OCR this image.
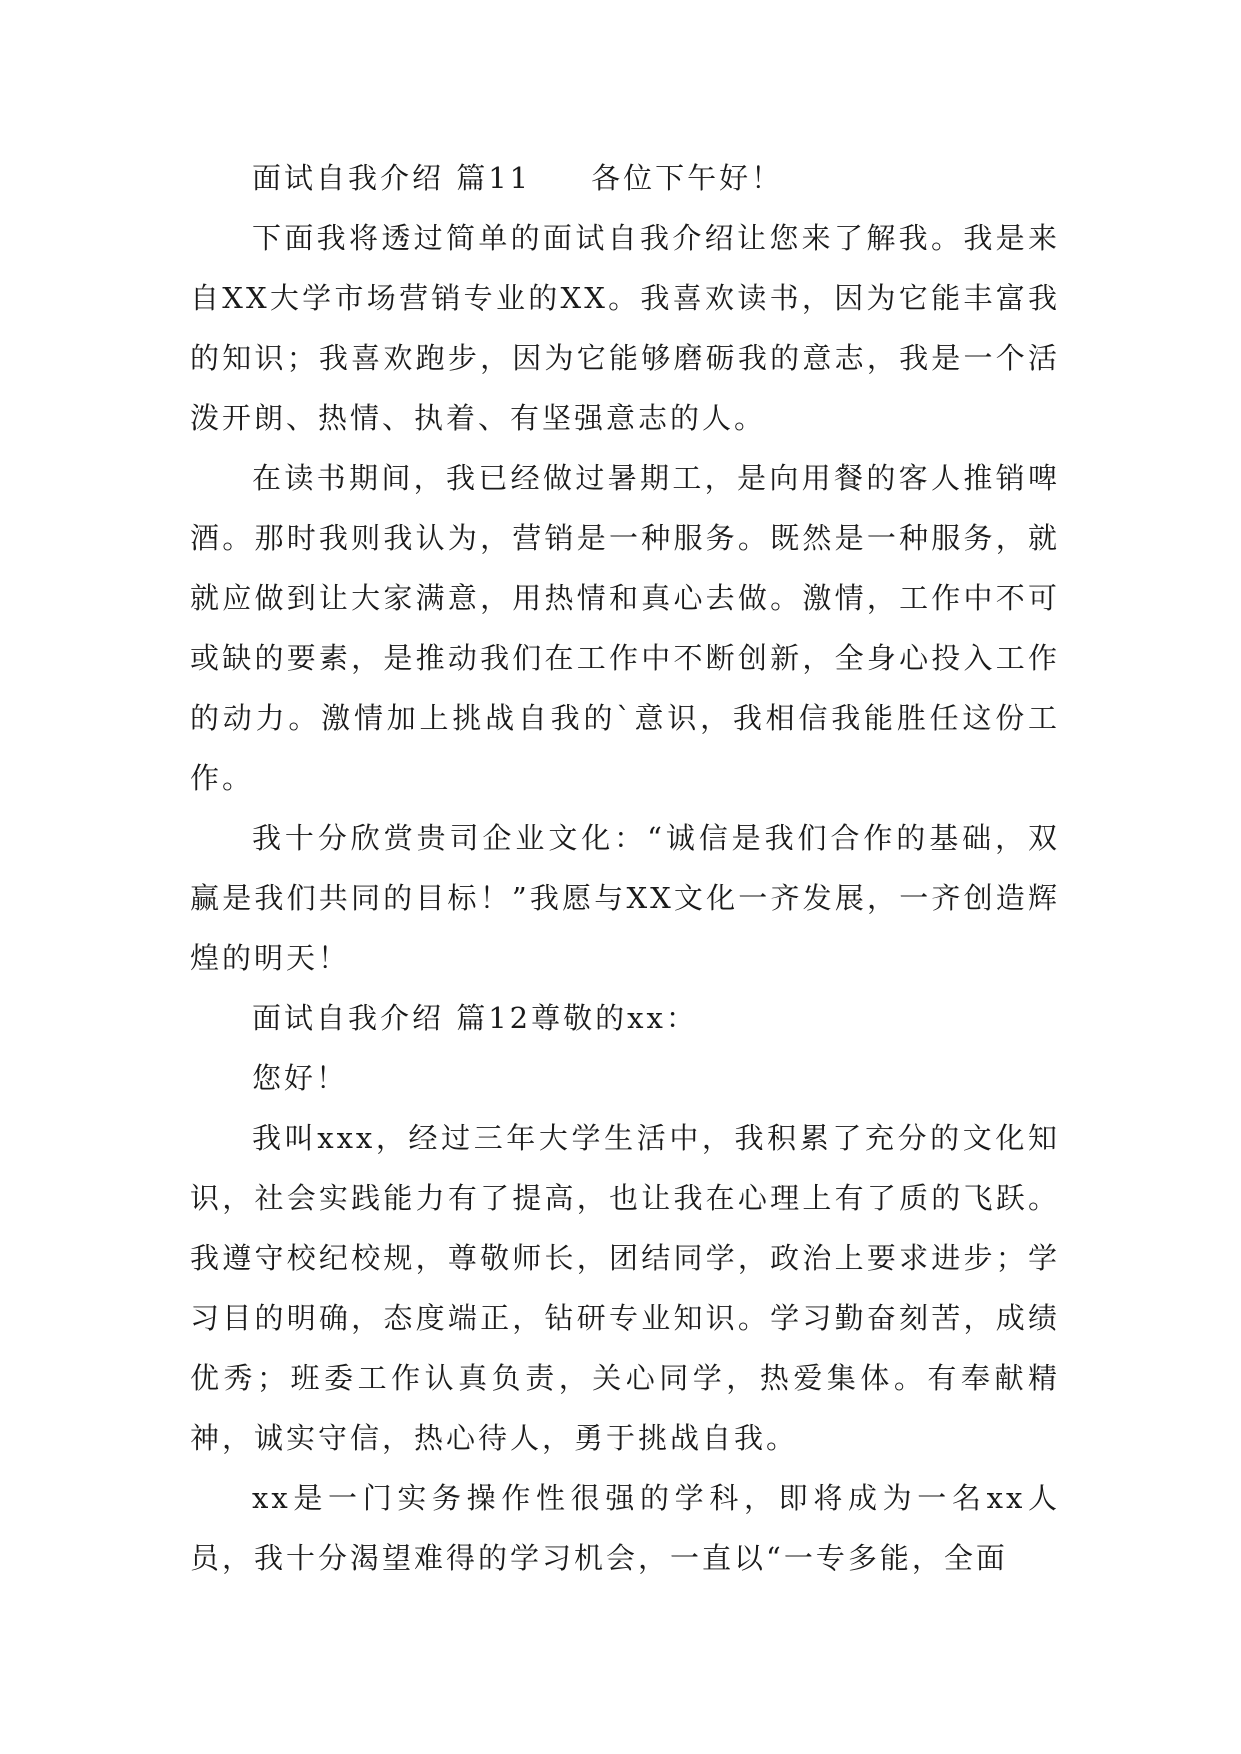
面试自我介绍 篇11 各位下午好！

下面我将透过简单的面试自我介绍让您来了解我。我是来自XX大学市场营销专业的XX。我喜欢读书，因为它能丰富我的知识；我喜欢跑步，因为它能够磨砺我的意志，我是一个活泼开朗、热情、执着、有坚强意志的人。

在读书期间，我已经做过暑期工，是向用餐的客人推销啤酒。那时我则我认为，营销是一种服务。既然是一种服务，就就应做到让大家满意，用热情和真心去做。激情，工作中不可或缺的要素，是推动我们在工作中不断创新，全身心投入工作的动力。激情加上挑战自我的`意识，我相信我能胜任这份工作。

我十分欣赏贵司企业文化：“诚信是我们合作的基础，双赢是我们共同的目标！”我愿与XX文化一齐发展，一齐创造辉煌的明天！

面试自我介绍 篇12尊敬的xx：

您好！

我叫xxx，经过三年大学生活中，我积累了充分的文化知识，社会实践能力有了提高，也让我在心理上有了质的飞跃。我遵守校纪校规，尊敬师长，团结同学，政治上要求进步；学习目的明确，态度端正，钻研专业知识。学习勤奋刻苦，成绩优秀；班委工作认真负责，关心同学，热爱集体。有奉献精神，诚实守信，热心待人，勇于挑战自我。

xx是一门实务操作性很强的学科，即将成为一名xx人员，我十分渴望难得的学习机会，一直以“一专多能，全面
